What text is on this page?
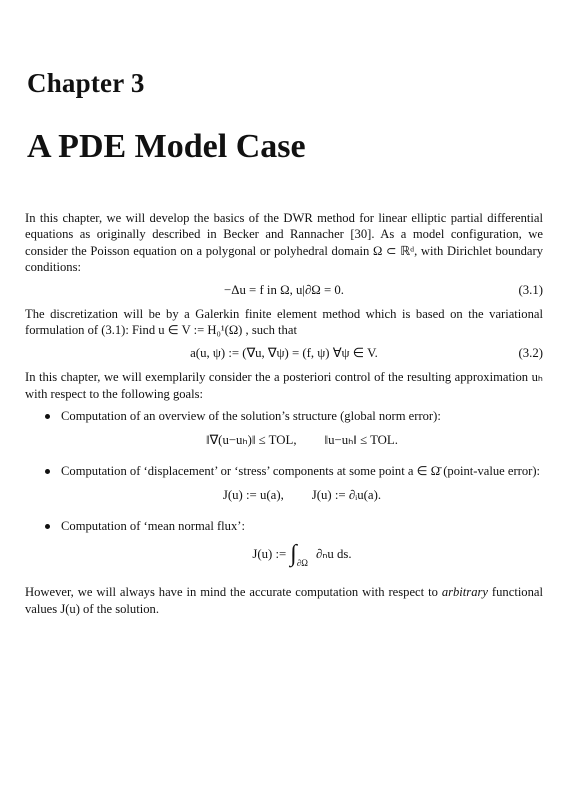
Chapter 3
A PDE Model Case

In this chapter, we will develop the basics of the DWR method for linear elliptic partial differential equations as originally described in Becker and Rannacher [30]. As a model configuration, we consider the Poisson equation on a polygonal or polyhedral domain Ω ⊂ ℝᵈ, with Dirichlet boundary conditions:

−Δu = f in Ω, u|∂Ω = 0.	(3.1)

The discretization will be by a Galerkin finite element method which is based on the variational formulation of (3.1): Find u ∈ V := H₀¹(Ω) , such that

a(u, ψ) := (∇u, ∇ψ) = (f, ψ) ∀ψ ∈ V.	(3.2)

In this chapter, we will exemplarily consider the a posteriori control of the resulting approximation uₕ with respect to the following goals:

Computation of an overview of the solution’s structure (global norm error):
‖∇(u−uₕ)‖ ≤ TOL, ‖u−uₕ‖ ≤ TOL.
Computation of ‘displacement’ or ‘stress’ components at some point a ∈ Ω̄ (point-value error):
J(u) := u(a), J(u) := ∂ᵢu(a).
Computation of ‘mean normal flux’:
J(u) := ∫ ∂Ω
∂ₙu ds.

However, we will always have in mind the accurate computation with respect to arbitrary functional values J(u) of the solution.
